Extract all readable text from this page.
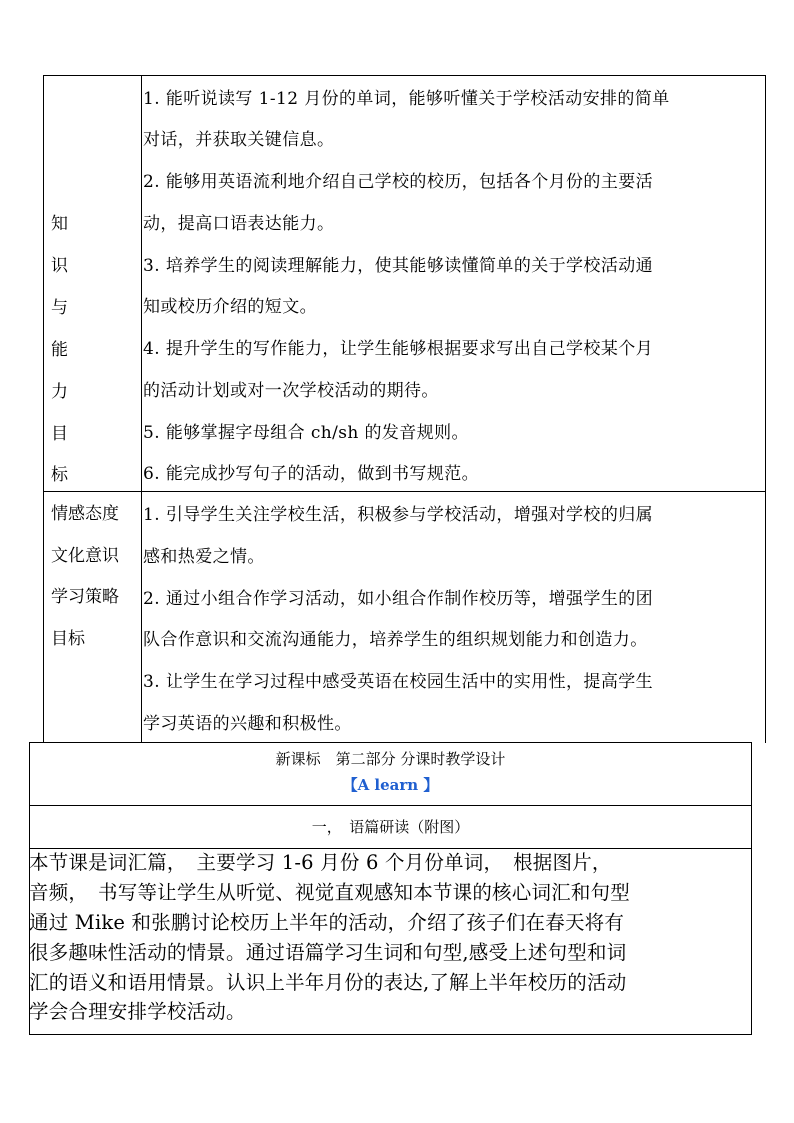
知
识
与
能
力
目
标
1. 能听说读写 1-12 月份的单词，能够听懂关于学校活动安排的简单
对话，并获取关键信息。
2. 能够用英语流利地介绍自己学校的校历，包括各个月份的主要活
动，提高口语表达能力。
3. 培养学生的阅读理解能力，使其能够读懂简单的关于学校活动通
知或校历介绍的短文。
4. 提升学生的写作能力，让学生能够根据要求写出自己学校某个月
的活动计划或对一次学校活动的期待。
5. 能够掌握字母组合 ch/sh 的发音规则。
6. 能完成抄写句子的活动，做到书写规范。
情感态度
文化意识
学习策略
目标
1. 引导学生关注学校生活，积极参与学校活动，增强对学校的归属
感和热爱之情。
2. 通过小组合作学习活动，如小组合作制作校历等，增强学生的团
队合作意识和交流沟通能力，培养学生的组织规划能力和创造力。
3. 让学生在学习过程中感受英语在校园生活中的实用性，提高学生
学习英语的兴趣和积极性。
新课标　第二部分 分课时教学设计
【A learn 】
一，　语篇研读（附图）
本节课是词汇篇，　主要学习 1-6 月份 6 个月份单词，　根据图片，
音频，　书写等让学生从听觉、视觉直观感知本节课的核心词汇和句型
通过 Mike 和张鹏讨论校历上半年的活动，介绍了孩子们在春天将有
很多趣味性活动的情景。通过语篇学习生词和句型,感受上述句型和词
汇的语义和语用情景。认识上半年月份的表达,了解上半年校历的活动
学会合理安排学校活动。
